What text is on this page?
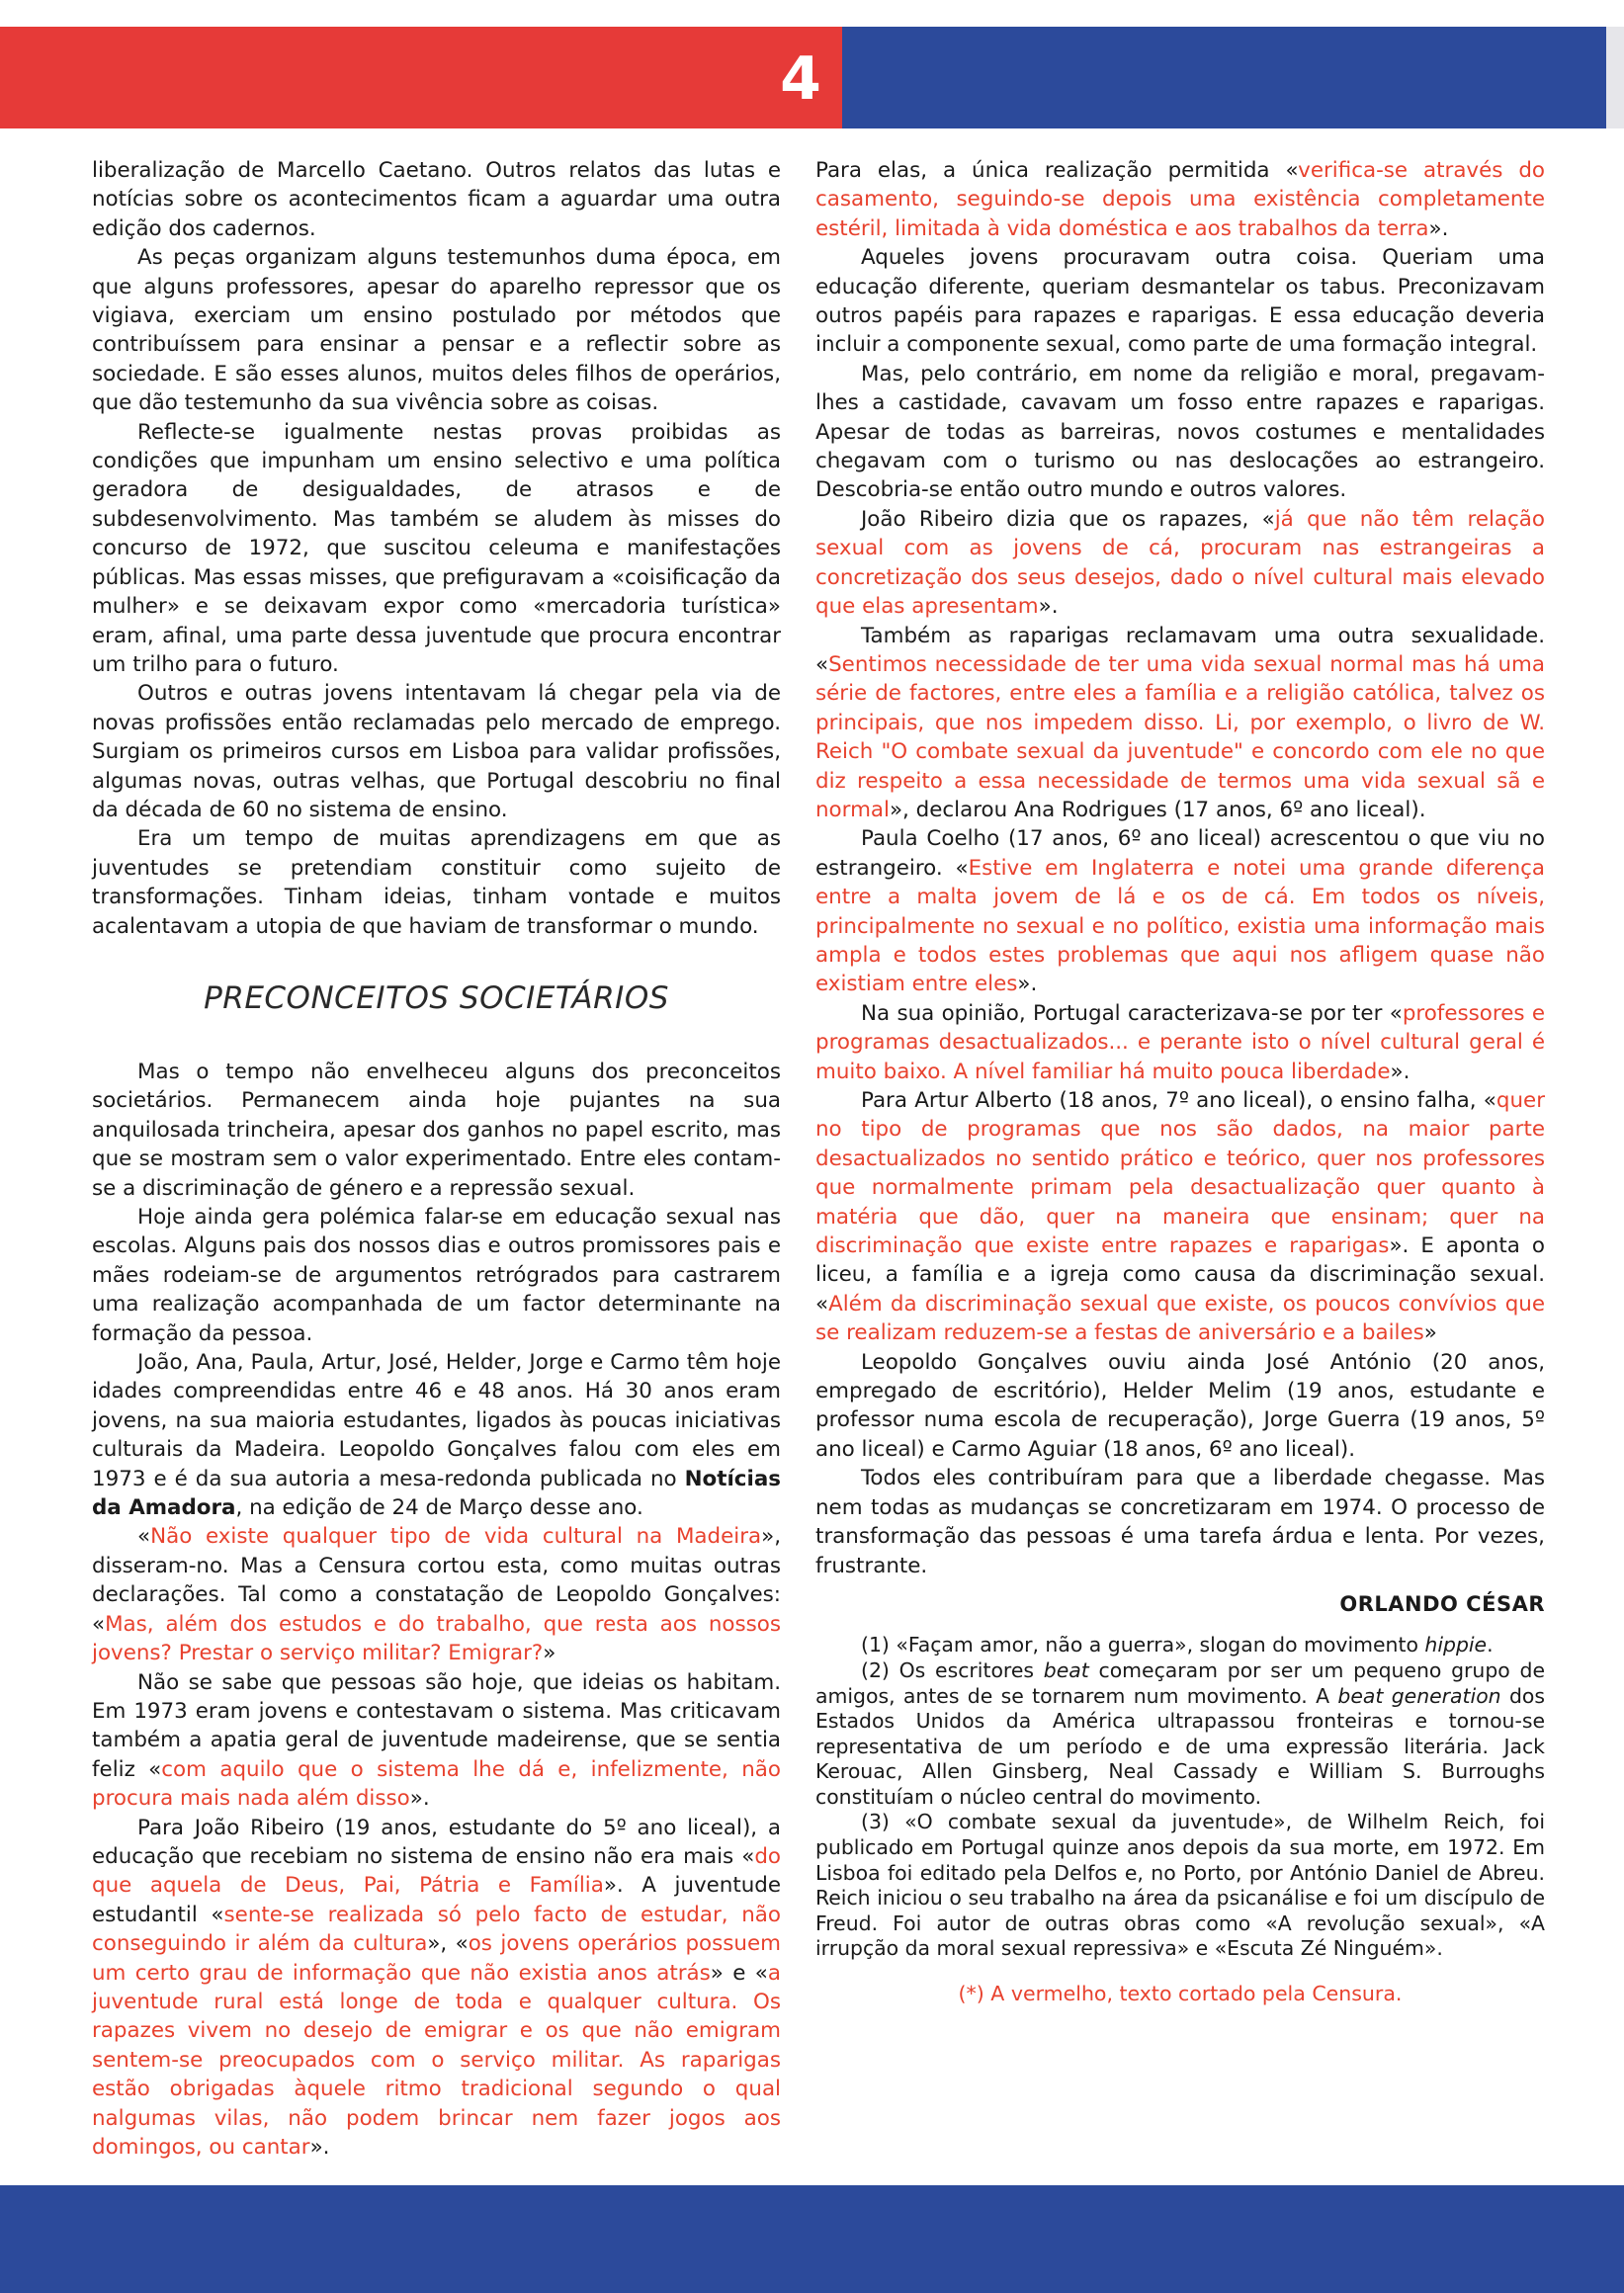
4

liberalização de Marcello Caetano. Outros relatos das lutas e notícias sobre os acontecimentos ficam a aguardar uma outra edição dos cadernos.

As peças organizam alguns testemunhos duma época, em que alguns professores, apesar do aparelho repressor que os vigiava, exerciam um ensino postulado por métodos que contribuíssem para ensinar a pensar e a reflectir sobre as sociedade. E são esses alunos, muitos deles filhos de operários, que dão testemunho da sua vivência sobre as coisas.

Reflecte-se igualmente nestas provas proibidas as condições que impunham um ensino selectivo e uma política geradora de desigualdades, de atrasos e de subdesenvolvimento. Mas também se aludem às misses do concurso de 1972, que suscitou celeuma e manifestações públicas. Mas essas misses, que prefiguravam a «coisificação da mulher» e se deixavam expor como «mercadoria turística» eram, afinal, uma parte dessa juventude que procura encontrar um trilho para o futuro.

Outros e outras jovens intentavam lá chegar pela via de novas profissões então reclamadas pelo mercado de emprego. Surgiam os primeiros cursos em Lisboa para validar profissões, algumas novas, outras velhas, que Portugal descobriu no final da década de 60 no sistema de ensino.

Era um tempo de muitas aprendizagens em que as juventudes se pretendiam constituir como sujeito de transformações. Tinham ideias, tinham vontade e muitos acalentavam a utopia de que haviam de transformar o mundo.

PRECONCEITOS SOCIETÁRIOS

Mas o tempo não envelheceu alguns dos preconceitos societários. Permanecem ainda hoje pujantes na sua anquilosada trincheira, apesar dos ganhos no papel escrito, mas que se mostram sem o valor experimentado. Entre eles contam-se a discriminação de género e a repressão sexual.

Hoje ainda gera polémica falar-se em educação sexual nas escolas. Alguns pais dos nossos dias e outros promissores pais e mães rodeiam-se de argumentos retrógrados para castrarem uma realização acompanhada de um factor determinante na formação da pessoa.

João, Ana, Paula, Artur, José, Helder, Jorge e Carmo têm hoje idades compreendidas entre 46 e 48 anos. Há 30 anos eram jovens, na sua maioria estudantes, ligados às poucas iniciativas culturais da Madeira. Leopoldo Gonçalves falou com eles em 1973 e é da sua autoria a mesa-redonda publicada no Notícias da Amadora, na edição de 24 de Março desse ano.

«Não existe qualquer tipo de vida cultural na Madeira», disseram-no. Mas a Censura cortou esta, como muitas outras declarações. Tal como a constatação de Leopoldo Gonçalves: «Mas, além dos estudos e do trabalho, que resta aos nossos jovens? Prestar o serviço militar? Emigrar?»

Não se sabe que pessoas são hoje, que ideias os habitam. Em 1973 eram jovens e contestavam o sistema. Mas criticavam também a apatia geral de juventude madeirense, que se sentia feliz «com aquilo que o sistema lhe dá e, infelizmente, não procura mais nada além disso».

Para João Ribeiro (19 anos, estudante do 5º ano liceal), a educação que recebiam no sistema de ensino não era mais «do que aquela de Deus, Pai, Pátria e Família». A juventude estudantil «sente-se realizada só pelo facto de estudar, não conseguindo ir além da cultura», «os jovens operários possuem um certo grau de informação que não existia anos atrás» e «a juventude rural está longe de toda e qualquer cultura. Os rapazes vivem no desejo de emigrar e os que não emigram sentem-se preocupados com o serviço militar. As raparigas estão obrigadas àquele ritmo tradicional segundo o qual nalgumas vilas, não podem brincar nem fazer jogos aos domingos, ou cantar».

Para elas, a única realização permitida «verifica-se através do casamento, seguindo-se depois uma existência completamente estéril, limitada à vida doméstica e aos trabalhos da terra».

Aqueles jovens procuravam outra coisa. Queriam uma educação diferente, queriam desmantelar os tabus. Preconizavam outros papéis para rapazes e raparigas. E essa educação deveria incluir a componente sexual, como parte de uma formação integral.

Mas, pelo contrário, em nome da religião e moral, pregavam-lhes a castidade, cavavam um fosso entre rapazes e raparigas. Apesar de todas as barreiras, novos costumes e mentalidades chegavam com o turismo ou nas deslocações ao estrangeiro. Descobria-se então outro mundo e outros valores.

João Ribeiro dizia que os rapazes, «já que não têm relação sexual com as jovens de cá, procuram nas estrangeiras a concretização dos seus desejos, dado o nível cultural mais elevado que elas apresentam».

Também as raparigas reclamavam uma outra sexualidade. «Sentimos necessidade de ter uma vida sexual normal mas há uma série de factores, entre eles a família e a religião católica, talvez os principais, que nos impedem disso. Li, por exemplo, o livro de W. Reich "O combate sexual da juventude" e concordo com ele no que diz respeito a essa necessidade de termos uma vida sexual sã e normal», declarou Ana Rodrigues (17 anos, 6º ano liceal).

Paula Coelho (17 anos, 6º ano liceal) acrescentou o que viu no estrangeiro. «Estive em Inglaterra e notei uma grande diferença entre a malta jovem de lá e os de cá. Em todos os níveis, principalmente no sexual e no político, existia uma informação mais ampla e todos estes problemas que aqui nos afligem quase não existiam entre eles».

Na sua opinião, Portugal caracterizava-se por ter «professores e programas desactualizados... e perante isto o nível cultural geral é muito baixo. A nível familiar há muito pouca liberdade».

Para Artur Alberto (18 anos, 7º ano liceal), o ensino falha, «quer no tipo de programas que nos são dados, na maior parte desactualizados no sentido prático e teórico, quer nos professores que normalmente primam pela desactualização quer quanto à matéria que dão, quer na maneira que ensinam; quer na discriminação que existe entre rapazes e raparigas». E aponta o liceu, a família e a igreja como causa da discriminação sexual. «Além da discriminação sexual que existe, os poucos convívios que se realizam reduzem-se a festas de aniversário e a bailes»

Leopoldo Gonçalves ouviu ainda José António (20 anos, empregado de escritório), Helder Melim (19 anos, estudante e professor numa escola de recuperação), Jorge Guerra (19 anos, 5º ano liceal) e Carmo Aguiar (18 anos, 6º ano liceal).

Todos eles contribuíram para que a liberdade chegasse. Mas nem todas as mudanças se concretizaram em 1974. O processo de transformação das pessoas é uma tarefa árdua e lenta. Por vezes, frustrante.

ORLANDO CÉSAR

(1) «Façam amor, não a guerra», slogan do movimento hippie.

(2) Os escritores beat começaram por ser um pequeno grupo de amigos, antes de se tornarem num movimento. A beat generation dos Estados Unidos da América ultrapassou fronteiras e tornou-se representativa de um período e de uma expressão literária. Jack Kerouac, Allen Ginsberg, Neal Cassady e William S. Burroughs constituíam o núcleo central do movimento.

(3) «O combate sexual da juventude», de Wilhelm Reich, foi publicado em Portugal quinze anos depois da sua morte, em 1972. Em Lisboa foi editado pela Delfos e, no Porto, por António Daniel de Abreu. Reich iniciou o seu trabalho na área da psicanálise e foi um discípulo de Freud. Foi autor de outras obras como «A revolução sexual», «A irrupção da moral sexual repressiva» e «Escuta Zé Ninguém».

(*) A vermelho, texto cortado pela Censura.
